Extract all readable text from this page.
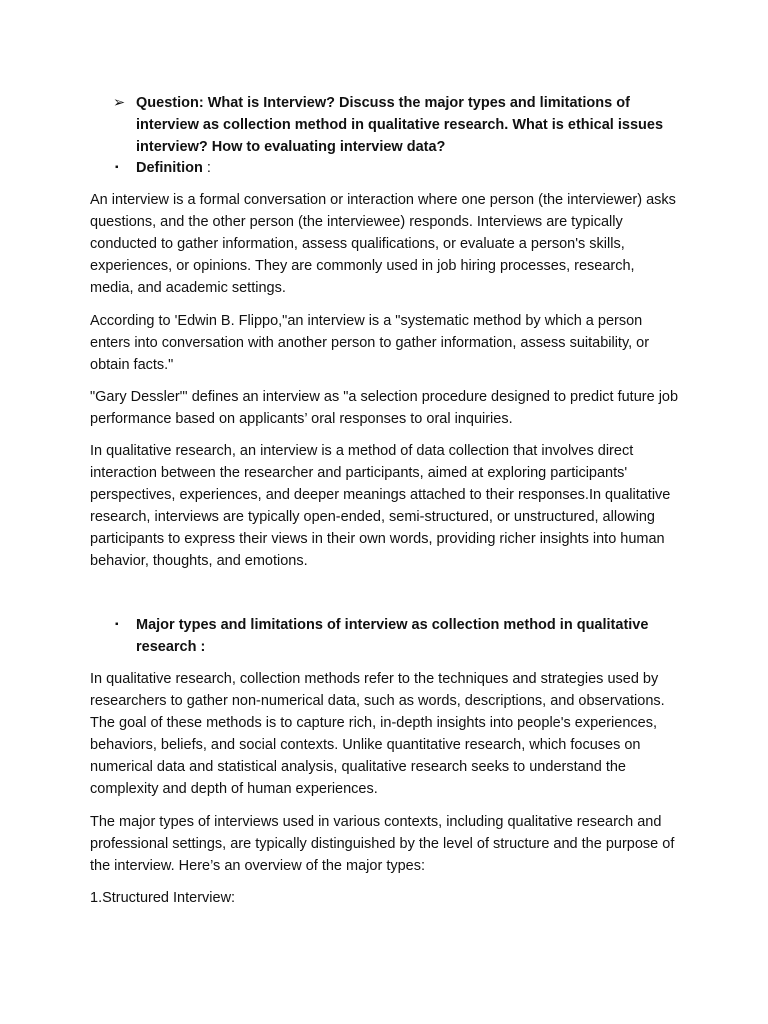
➢ Question: What is Interview? Discuss the major types and limitations of interview as collection method in qualitative research. What is ethical issues interview? How to evaluating interview data?
▪	Definition :
An interview is a formal conversation or interaction where one person (the interviewer) asks questions, and the other person (the interviewee) responds. Interviews are typically conducted to gather information, assess qualifications, or evaluate a person's skills, experiences, or opinions. They are commonly used in job hiring processes, research, media, and academic settings.
According to 'Edwin B. Flippo,"an interview is a "systematic method by which a person enters into conversation with another person to gather information, assess suitability, or obtain facts."
"Gary Dessler"' defines an interview as "a selection procedure designed to predict future job performance based on applicants’ oral responses to oral inquiries.
In qualitative research, an interview is a method of data collection that involves direct interaction between the researcher and participants, aimed at exploring participants' perspectives, experiences, and deeper meanings attached to their responses.In qualitative research, interviews are typically open-ended, semi-structured, or unstructured, allowing participants to express their views in their own words, providing richer insights into human behavior, thoughts, and emotions.
▪	Major types and limitations of interview as collection method in qualitative research :
In qualitative research, collection methods refer to the techniques and strategies used by researchers to gather non-numerical data, such as words, descriptions, and observations. The goal of these methods is to capture rich, in-depth insights into people's experiences, behaviors, beliefs, and social contexts. Unlike quantitative research, which focuses on numerical data and statistical analysis, qualitative research seeks to understand the complexity and depth of human experiences.
The major types of interviews used in various contexts, including qualitative research and professional settings, are typically distinguished by the level of structure and the purpose of the interview. Here’s an overview of the major types:
1.Structured Interview:
